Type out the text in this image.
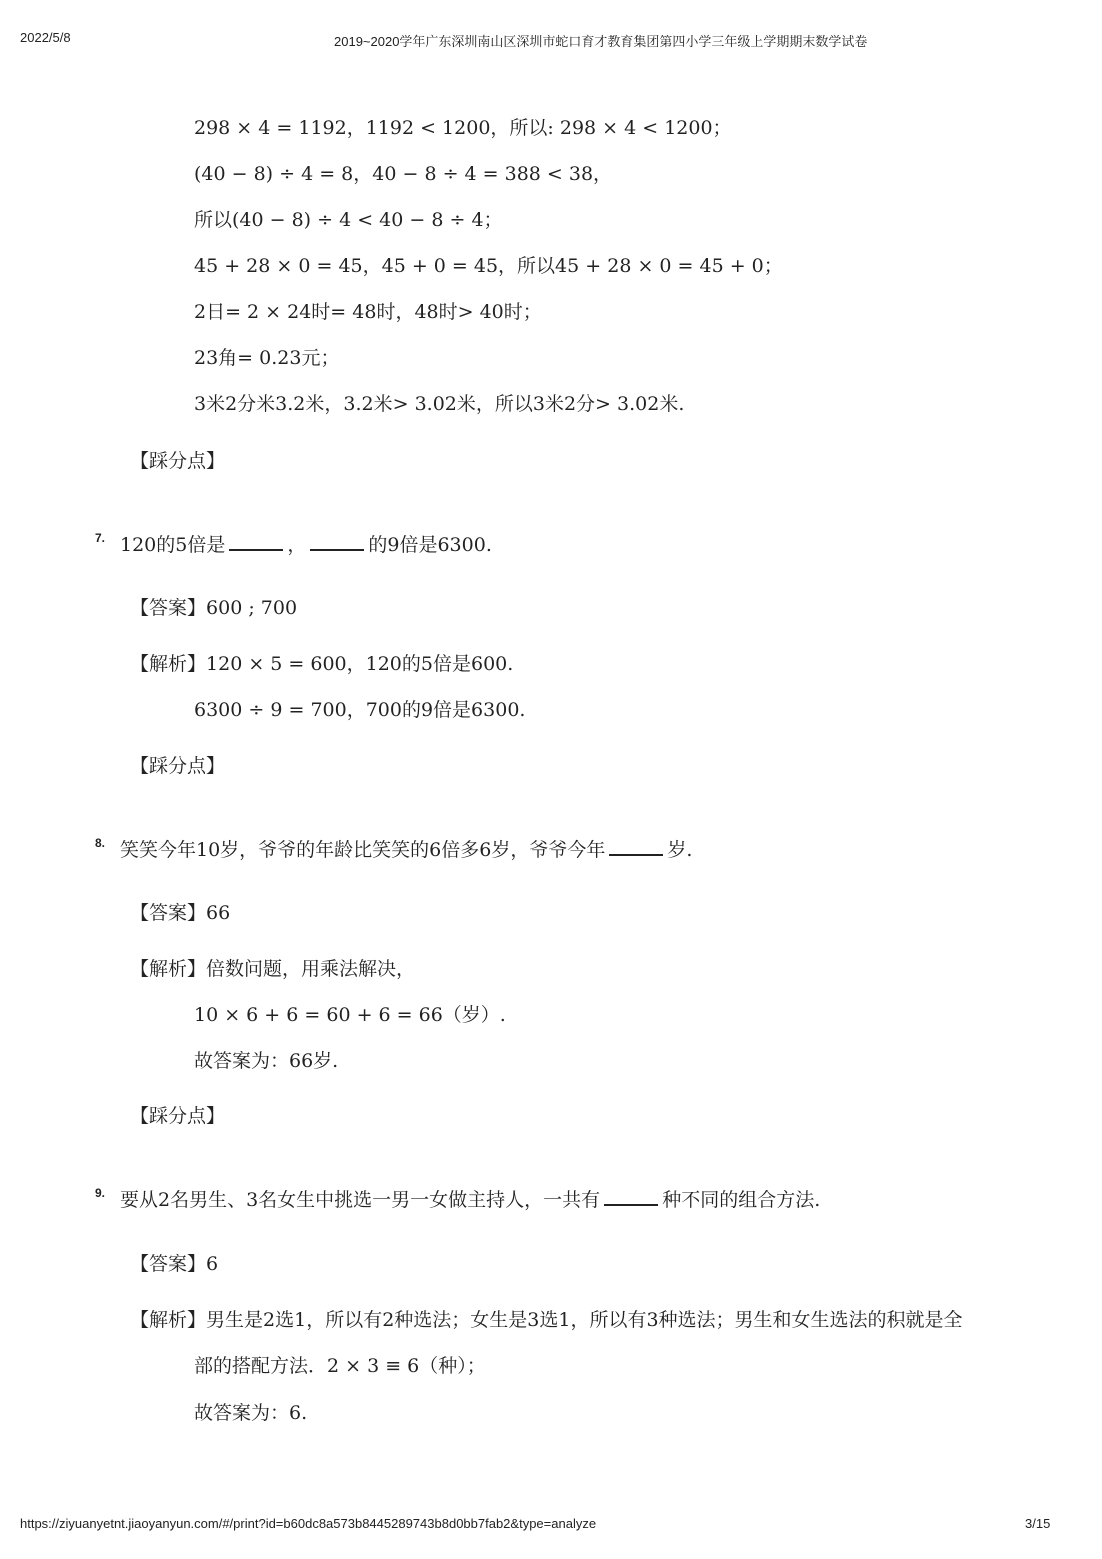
2022/5/8	2019~2020学年广东深圳南山区深圳市蛇口育才教育集团第四小学三年级上学期期末数学试卷
298 × 4 = 1192，1192 < 1200，所以: 298 × 4 < 1200；
(40 − 8) ÷ 4 = 8，40 − 8 ÷ 4 = 388 < 38，
所以(40 − 8) ÷ 4 < 40 − 8 ÷ 4；
45 + 28 × 0 = 45，45 + 0 = 45，所以45 + 28 × 0 = 45 + 0；
2日= 2 × 24时= 48时，48时> 40时；
23角= 0.23元；
3米2分米3.2米，3.2米> 3.02米，所以3米2分> 3.02米.
【踩分点】
7. 120的5倍是	，	的9倍是6300.
【答案】600 ; 700
【解析】120 × 5 = 600，120的5倍是600.
6300 ÷ 9 = 700，700的9倍是6300.
【踩分点】
8. 笑笑今年10岁，爷爷的年龄比笑笑的6倍多6岁，爷爷今年	岁.
【答案】66
【解析】倍数问题，用乘法解决，
10 × 6 + 6 = 60 + 6 = 66（岁）.
故答案为：66岁.
【踩分点】
9. 要从2名男生、3名女生中挑选一男一女做主持人，一共有	种不同的组合方法.
【答案】6
【解析】男生是2选1，所以有2种选法；女生是3选1，所以有3种选法；男生和女生选法的积就是全
部的搭配方法．2 × 3 ≡ 6（种）；
故答案为：6.
https://ziyuanyetnt.jiaoyanyun.com/#/print?id=b60dc8a573b8445289743b8d0bb7fab2&type=analyze	3/15
